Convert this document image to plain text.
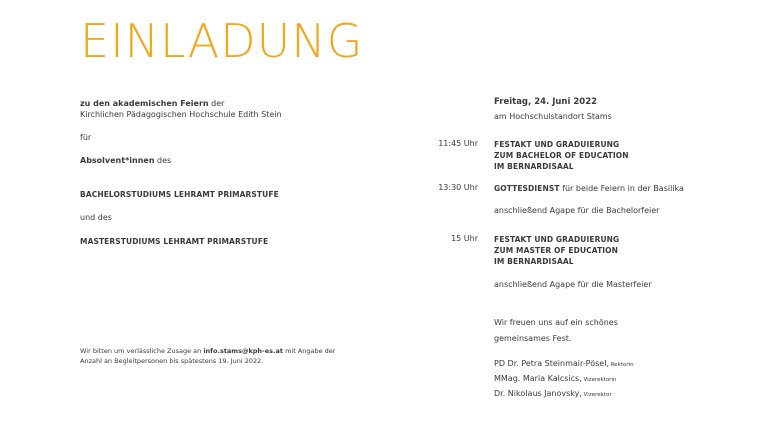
EINLADUNG
zu den akademischen Feiern der
Kirchlichen Pädagogischen Hochschule Edith Stein
für
Absolvent*innen des
BACHELORSTUDIUMS LEHRAMT PRIMARSTUFE
und des
MASTERSTUDIUMS LEHRAMT PRIMARSTUFE
Wir bitten um verlässliche Zusage an info.stams@kph-es.at mit Angabe der
Anzahl an Begleitpersonen bis spätestens 19. Juni 2022.
Freitag, 24. Juni 2022
am Hochschulstandort Stams
11:45 Uhr FESTAKT UND GRADUIERUNG
ZUM BACHELOR OF EDUCATION
IM BERNARDISAAL
13:30 Uhr GOTTESDIENST für beide Feiern in der Basilika
anschließend Agape für die Bachelorfeier
15 Uhr FESTAKT UND GRADUIERUNG
ZUM MASTER OF EDUCATION
IM BERNARDISAAL
anschließend Agape für die Masterfeier
Wir freuen uns auf ein schönes
gemeinsames Fest.
PD Dr. Petra Steinmair-Pösel, Rektorin
MMag. Maria Kalcsics, Vizerektorin
Dr. Nikolaus Janovsky, Vizerektor
